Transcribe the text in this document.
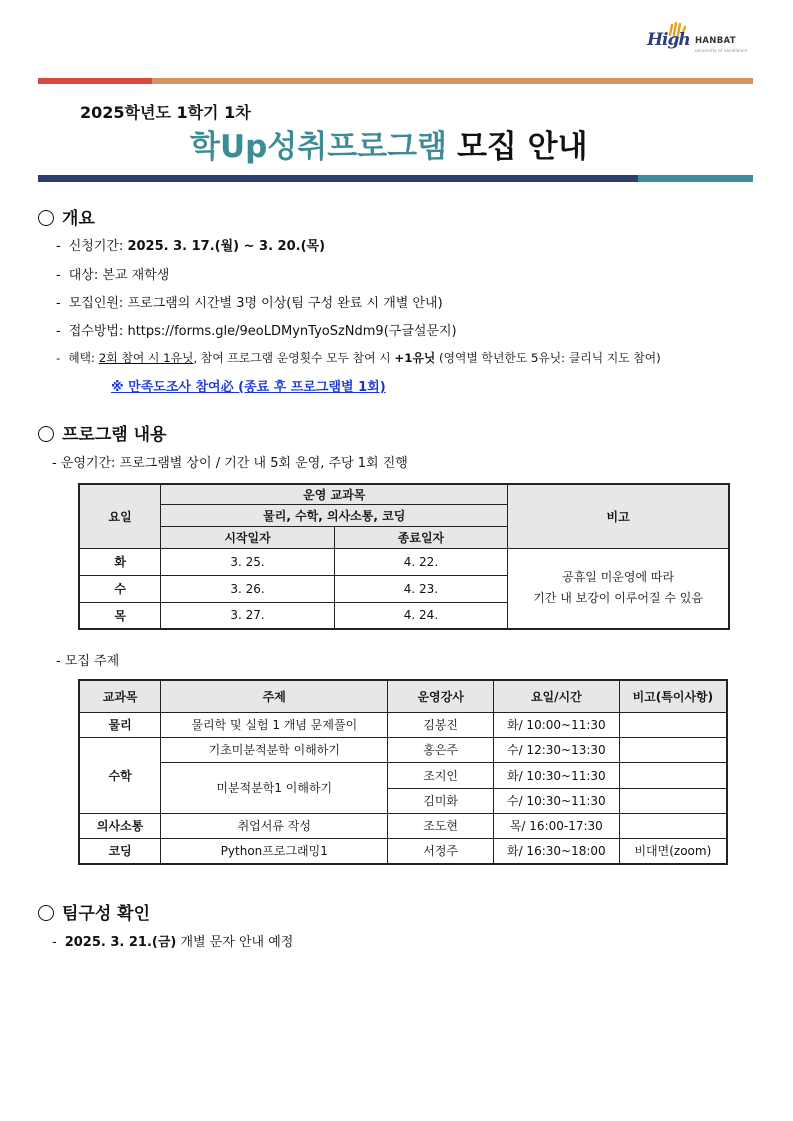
High HANBAT
university of excellence
2025학년도 1학기 1차
학Up성취프로그램 모집 안내
개요
- 신청기간: 2025. 3. 17.(월) ~ 3. 20.(목)
- 대상: 본교 재학생
- 모집인원: 프로그램의 시간별 3명 이상(팀 구성 완료 시 개별 안내)
- 접수방법: https://forms.gle/9eoLDMynTyoSzNdm9(구글설문지)
- 혜택: 2회 참여 시 1유닛, 참여 프로그램 운영횟수 모두 참여 시 +1유닛 (영역별 학년한도 5유닛: 클리닉 지도 참여)
※ 만족도조사 참여必 (종료 후 프로그램별 1회)
프로그램 내용
- 운영기간: 프로그램별 상이 / 기간 내 5회 운영, 주당 1회 진행
요일	운영 교과목		비고
	물리, 수학, 의사소통, 코딩		
	시작일자	종료일자	
화	3. 25.	4. 22.	공휴일 미운영에 따라
기간 내 보강이 이루어질 수 있음

수	3. 26.	4. 23.	
목	3. 27.	4. 24.	
- 모집 주제
교과목	주제	운영강사	요일/시간	비고(특이사항)
물리	물리학 및 실험 1 개념 문제풀이	김봉진	화/ 10:00~11:30	
수학	기초미분적분학 이해하기	홍은주	수/ 12:30~13:30	
	미분적분학1 이해하기	조지인	화/ 10:30~11:30	
		김미화	수/ 10:30~11:30	
의사소통	취업서류 작성	조도현	목/ 16:00-17:30	
코딩	Python프로그래밍1	서정주	화/ 16:30~18:00	비대면(zoom)
팀구성 확인
- 2025. 3. 21.(금) 개별 문자 안내 예정
